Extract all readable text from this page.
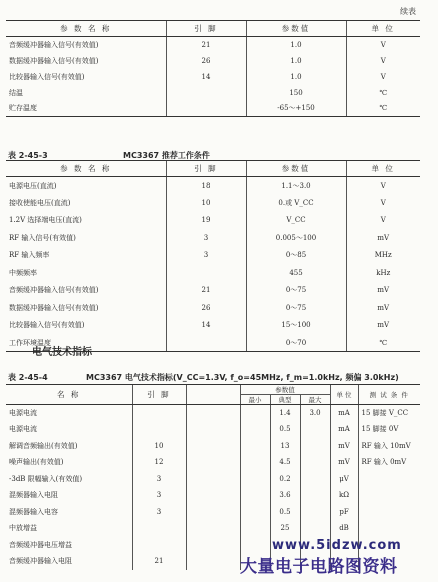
续表
参 数 名 称	引 脚	参数值	单 位
音频缓冲器输入信号(有效值)	21	1.0	V
数据缓冲器输入信号(有效值)	26	1.0	V
比较器输入信号(有效值)	14	1.0	V
结温		150	℃
贮存温度		-65～+150	℃
表 2-45-3	MC3367 推荐工作条件
参 数 名 称	引 脚	参数值	单 位
电源电压(直流)	18	1.1～3.0	V
接收使能电压(直流)	10	0.或 V_CC	V
1.2V 选择端电压(直流)	19	V_CC	V
RF 输入信号(有效值)	3	0.005～100	mV
RF 输入频率	3	0～85	MHz
中频频率		455	kHz
音频缓冲器输入信号(有效值)	21	0～75	mV
数据缓冲器输入信号(有效值)	26	0～75	mV
比较器输入信号(有效值)	14	15～100	mV
工作环境温度		0～70	℃
电气技术指标
表 2-45-4	MC3367 电气技术指标(V_CC=1.3V, f_o=45MHz, f_m=1.0kHz, 频偏 3.0kHz)
名 称	引 脚		参数值			单 位	测 试 条 件
			最小	典型	最大		
电源电流				1.4	3.0	mA	15 脚接 V_CC
电源电流				0.5		mA	15 脚接 0V
解调音频输出(有效值)	10			13		mV	RF 输入 10mV
噪声输出(有效值)	12			4.5		mV	RF 输入 0mV
-3dB 限幅输入(有效值)	3			0.2		μV	
混频器输入电阻	3			3.6		kΩ	
混频器输入电容	3			0.5		pF	
中放增益				25		dB	
音频缓冲器电压增益							
音频缓冲器输入电阻	21						
www.5idzw.com
大量电子电路图资料
